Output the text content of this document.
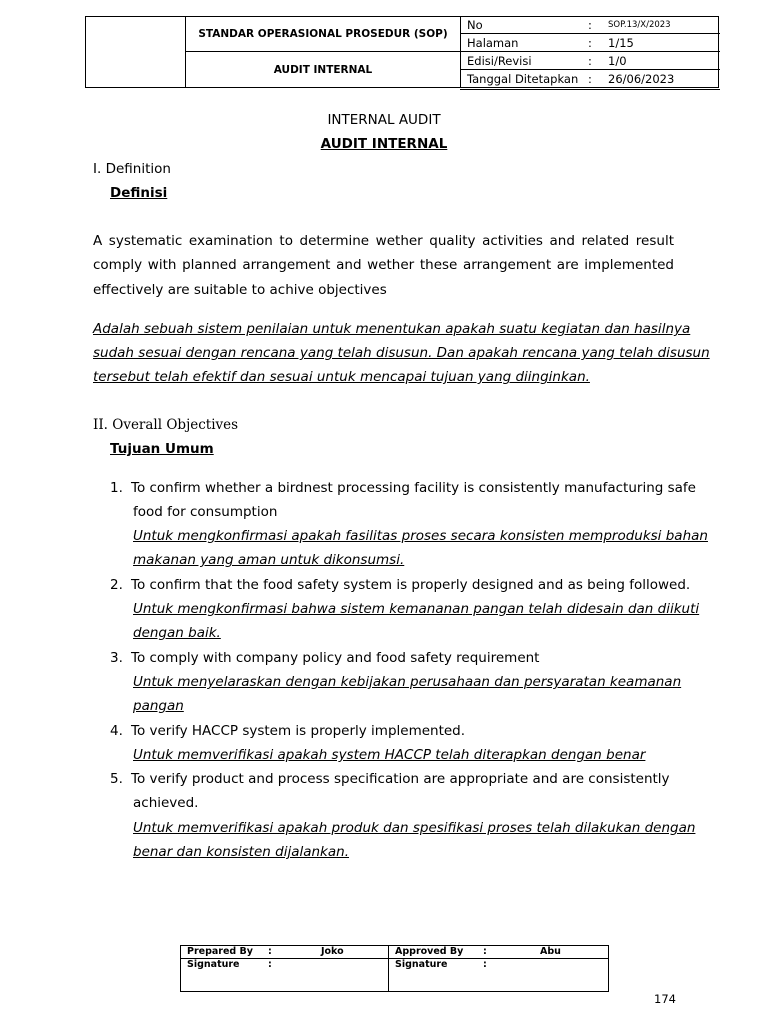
STANDAR OPERASIONAL PROSEDUR (SOP)
AUDIT INTERNAL
No	: SOP.13/X/2023
Halaman	: 1/15
Edisi/Revisi	: 1/0
Tanggal Ditetapkan : 26/06/2023
INTERNAL AUDIT
AUDIT INTERNAL
I. Definition
Definisi
A systematic examination to determine wether quality activities and related result comply with planned arrangement and wether these arrangement are implemented effectively are suitable to achive objectives
Adalah sebuah sistem penilaian untuk menentukan apakah suatu kegiatan dan hasilnya
sudah sesuai dengan rencana yang telah disusun. Dan apakah rencana yang telah disusun
tersebut telah efektif dan sesuai untuk mencapai tujuan yang diinginkan.
II. Overall Objectives
Tujuan Umum
1. To confirm whether a birdnest processing facility is consistently manufacturing safe
food for consumption
Untuk mengkonfirmasi apakah fasilitas proses secara konsisten memproduksi bahan
makanan yang aman untuk dikonsumsi.
2. To confirm that the food safety system is properly designed and as being followed.
Untuk mengkonfirmasi bahwa sistem kemananan pangan telah didesain dan diikuti
dengan baik.
3. To comply with company policy and food safety requirement
Untuk menyelaraskan dengan kebijakan perusahaan dan persyaratan keamanan
pangan
4. To verify HACCP system is properly implemented.
Untuk memverifikasi apakah system HACCP telah diterapkan dengan benar
5. To verify product and process specification are appropriate and are consistently
achieved.
Untuk memverifikasi apakah produk dan spesifikasi proses telah dilakukan dengan
benar dan konsisten dijalankan.
Prepared By :	Joko	Approved By :	Abu
Signature	:	Signature	:
174
